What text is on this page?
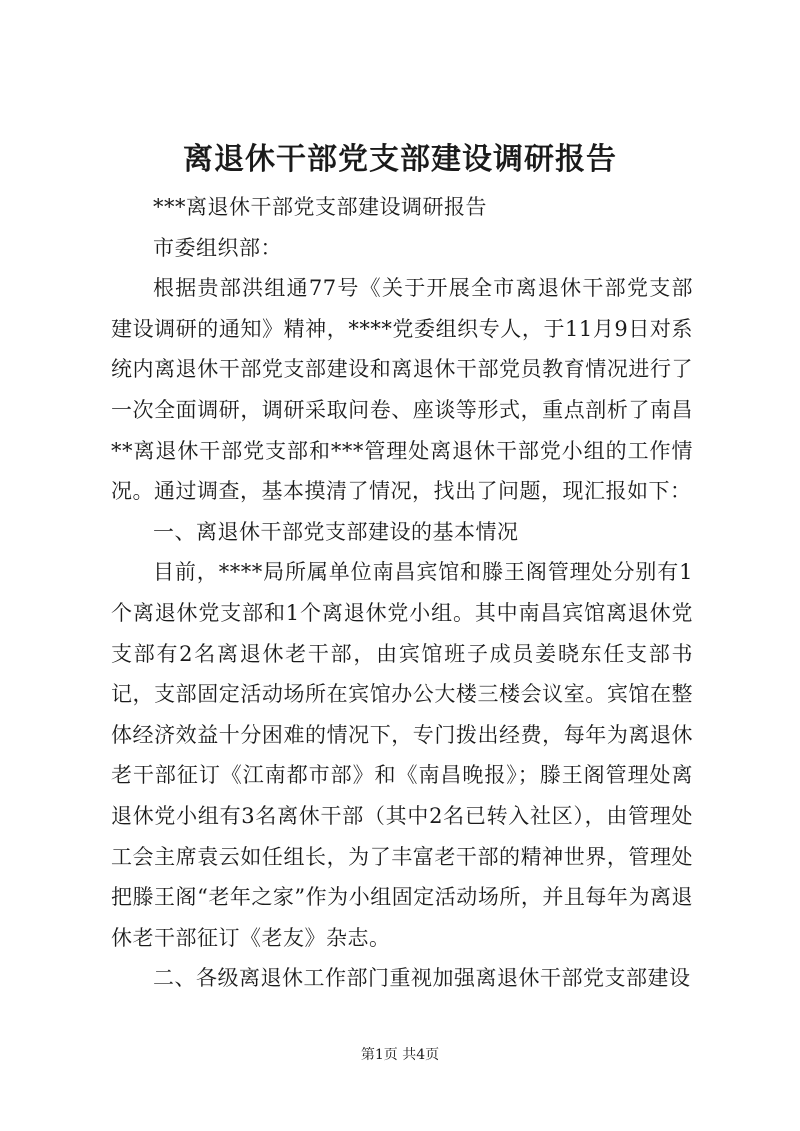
离退休干部党支部建设调研报告

***离退休干部党支部建设调研报告

市委组织部：

根据贵部洪组通77号《关于开展全市离退休干部党支部建设调研的通知》精神，****党委组织专人，于11月9日对系统内离退休干部党支部建设和离退休干部党员教育情况进行了一次全面调研，调研采取问卷、座谈等形式，重点剖析了南昌**离退休干部党支部和***管理处离退休干部党小组的工作情况。通过调查，基本摸清了情况，找出了问题，现汇报如下：

一、离退休干部党支部建设的基本情况

目前，****局所属单位南昌宾馆和滕王阁管理处分别有1个离退休党支部和1个离退休党小组。其中南昌宾馆离退休党支部有2名离退休老干部，由宾馆班子成员姜晓东任支部书记，支部固定活动场所在宾馆办公大楼三楼会议室。宾馆在整体经济效益十分困难的情况下，专门拨出经费，每年为离退休老干部征订《江南都市部》和《南昌晚报》；滕王阁管理处离退休党小组有3名离休干部（其中2名已转入社区），由管理处工会主席袁云如任组长，为了丰富老干部的精神世界，管理处把滕王阁“老年之家”作为小组固定活动场所，并且每年为离退休老干部征订《老友》杂志。

二、各级离退休工作部门重视加强离退休干部党支部建设

第1页 共4页
